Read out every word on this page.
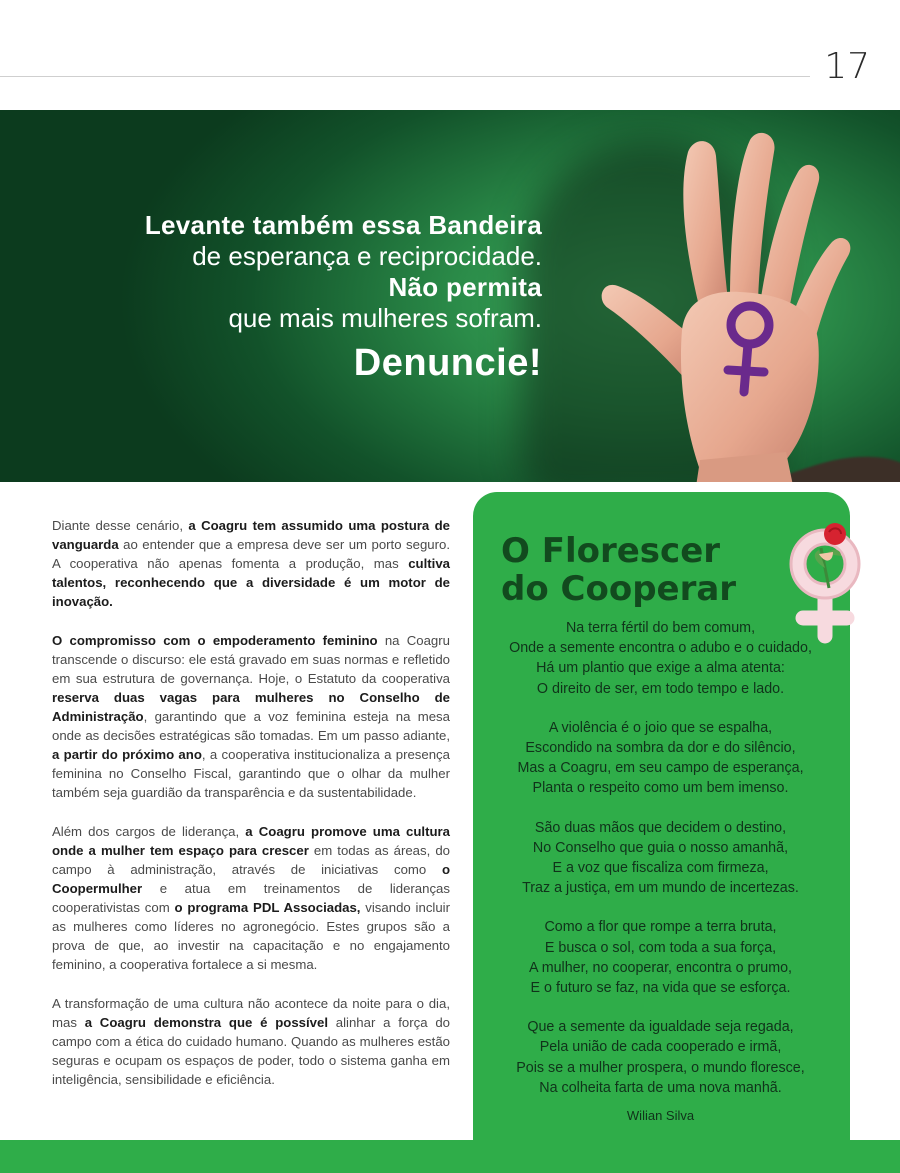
17
Levante também essa Bandeira
de esperança e reciprocidade.
Não permita
que mais mulheres sofram.
Denuncie!

Diante desse cenário, a Coagru tem assumido uma postura de vanguarda ao entender que a empresa deve ser um porto seguro. A cooperativa não apenas fomenta a produção, mas cultiva talentos, reconhecendo que a diversidade é um motor de inovação.

O compromisso com o empoderamento feminino na Coagru transcende o discurso: ele está gravado em suas normas e refletido em sua estrutura de governança. Hoje, o Estatuto da cooperativa reserva duas vagas para mulheres no Conselho de Administração, garantindo que a voz feminina esteja na mesa onde as decisões estratégicas são tomadas. Em um passo adiante, a partir do próximo ano, a cooperativa institucionaliza a presença feminina no Conselho Fiscal, garantindo que o olhar da mulher também seja guardião da transparência e da sustentabilidade.

Além dos cargos de liderança, a Coagru promove uma cultura onde a mulher tem espaço para crescer em todas as áreas, do campo à administração, através de iniciativas como o Coopermulher e atua em treinamentos de lideranças cooperativistas com o programa PDL Associadas, visando incluir as mulheres como líderes no agronegócio. Estes grupos são a prova de que, ao investir na capacitação e no engajamento feminino, a cooperativa fortalece a si mesma.

A transformação de uma cultura não acontece da noite para o dia, mas a Coagru demonstra que é possível alinhar a força do campo com a ética do cuidado humano. Quando as mulheres estão seguras e ocupam os espaços de poder, todo o sistema ganha em inteligência, sensibilidade e eficiência.

O Florescer
do Cooperar
Na terra fértil do bem comum,
Onde a semente encontra o adubo e o cuidado,
Há um plantio que exige a alma atenta:
O direito de ser, em todo tempo e lado.
A violência é o joio que se espalha,
Escondido na sombra da dor e do silêncio,
Mas a Coagru, em seu campo de esperança,
Planta o respeito como um bem imenso.
São duas mãos que decidem o destino,
No Conselho que guia o nosso amanhã,
E a voz que fiscaliza com firmeza,
Traz a justiça, em um mundo de incertezas.
Como a flor que rompe a terra bruta,
E busca o sol, com toda a sua força,
A mulher, no cooperar, encontra o prumo,
E o futuro se faz, na vida que se esforça.
Que a semente da igualdade seja regada,
Pela união de cada cooperado e irmã,
Pois se a mulher prospera, o mundo floresce,
Na colheita farta de uma nova manhã.
Wilian Silva
